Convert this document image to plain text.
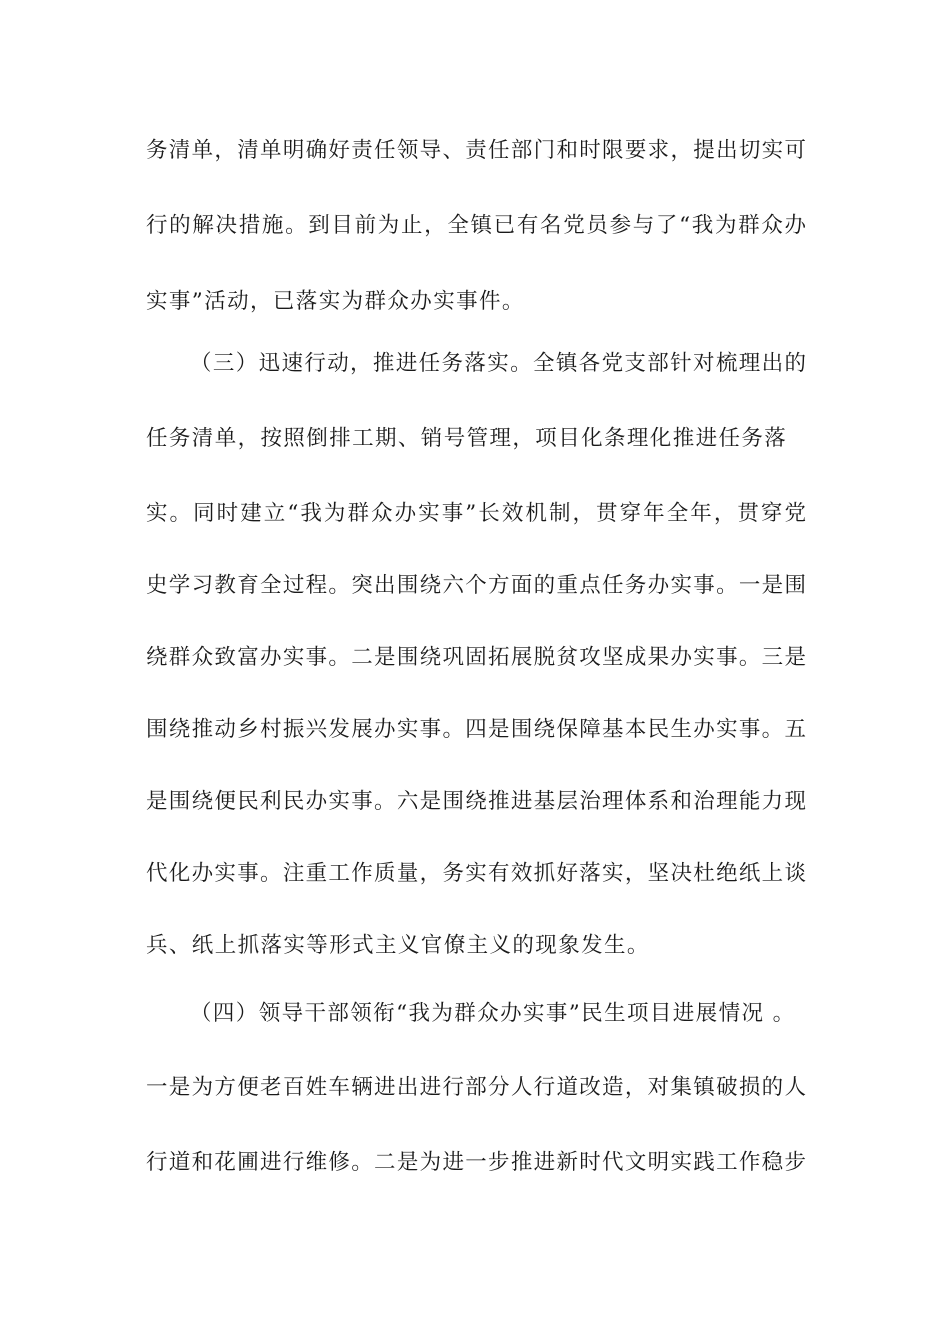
务清单，清单明确好责任领导、责任部门和时限要求，提出切实可
行的解决措施。到目前为止，全镇已有名党员参与了“我为群众办
实事”活动，已落实为群众办实事件。
（三）迅速行动，推进任务落实。全镇各党支部针对梳理出的
任务清单，按照倒排工期、销号管理，项目化条理化推进任务落
实。同时建立“我为群众办实事”长效机制，贯穿年全年，贯穿党
史学习教育全过程。突出围绕六个方面的重点任务办实事。一是围
绕群众致富办实事。二是围绕巩固拓展脱贫攻坚成果办实事。三是
围绕推动乡村振兴发展办实事。四是围绕保障基本民生办实事。五
是围绕便民利民办实事。六是围绕推进基层治理体系和治理能力现
代化办实事。注重工作质量，务实有效抓好落实，坚决杜绝纸上谈
兵、纸上抓落实等形式主义官僚主义的现象发生。
（四）领导干部领衔“我为群众办实事”民生项目进展情况 。
一是为方便老百姓车辆进出进行部分人行道改造，对集镇破损的人
行道和花圃进行维修。二是为进一步推进新时代文明实践工作稳步
